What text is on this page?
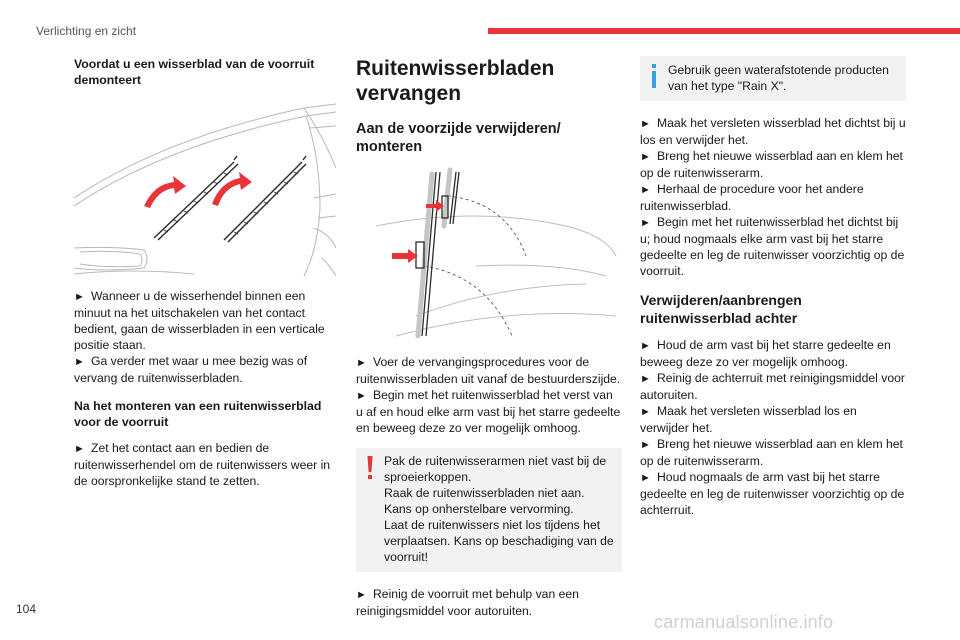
Verlichting en zicht
Voordat u een wisserblad van de voorruit demonteert

►  Wanneer u de wisserhendel binnen een minuut na het uitschakelen van het contact bedient, gaan de wisserbladen in een verticale positie staan.

►  Ga verder met waar u mee bezig was of vervang de ruitenwisserbladen.

Na het monteren van een ruitenwisserblad voor de voorruit

►  Zet het contact aan en bedien de ruitenwisserhendel om de ruitenwissers weer in de oorspronkelijke stand te zetten.

Ruitenwisserbladen vervangen
Aan de voorzijde verwijderen/ monteren

►  Voer de vervangingsprocedures voor de ruitenwisserbladen uit vanaf de bestuurderszijde.

►  Begin met het ruitenwisserblad het verst van u af en houd elke arm vast bij het starre gedeelte en beweeg deze zo ver mogelijk omhoog.

Pak de ruitenwisserarmen niet vast bij de sproeierkoppen.

Raak de ruitenwisserbladen niet aan. Kans op onherstelbare vervorming.

Laat de ruitenwissers niet los tijdens het verplaatsen. Kans op beschadiging van de voorruit!

►  Reinig de voorruit met behulp van een reinigingsmiddel voor autoruiten.

Gebruik geen waterafstotende producten van het type "Rain X".

►  Maak het versleten wisserblad het dichtst bij u los en verwijder het.

►  Breng het nieuwe wisserblad aan en klem het op de ruitenwisserarm.

►  Herhaal de procedure voor het andere ruitenwisserblad.

►  Begin met het ruitenwisserblad het dichtst bij u; houd nogmaals elke arm vast bij het starre gedeelte en leg de ruitenwisser voorzichtig op de voorruit.

Verwijderen/aanbrengen ruitenwisserblad achter

►  Houd de arm vast bij het starre gedeelte en beweeg deze zo ver mogelijk omhoog.

►  Reinig de achterruit met reinigingsmiddel voor autoruiten.

►  Maak het versleten wisserblad los en verwijder het.

►  Breng het nieuwe wisserblad aan en klem het op de ruitenwisserarm.

►  Houd nogmaals de arm vast bij het starre gedeelte en leg de ruitenwisser voorzichtig op de achterruit.

104
carmanualsonline.info
